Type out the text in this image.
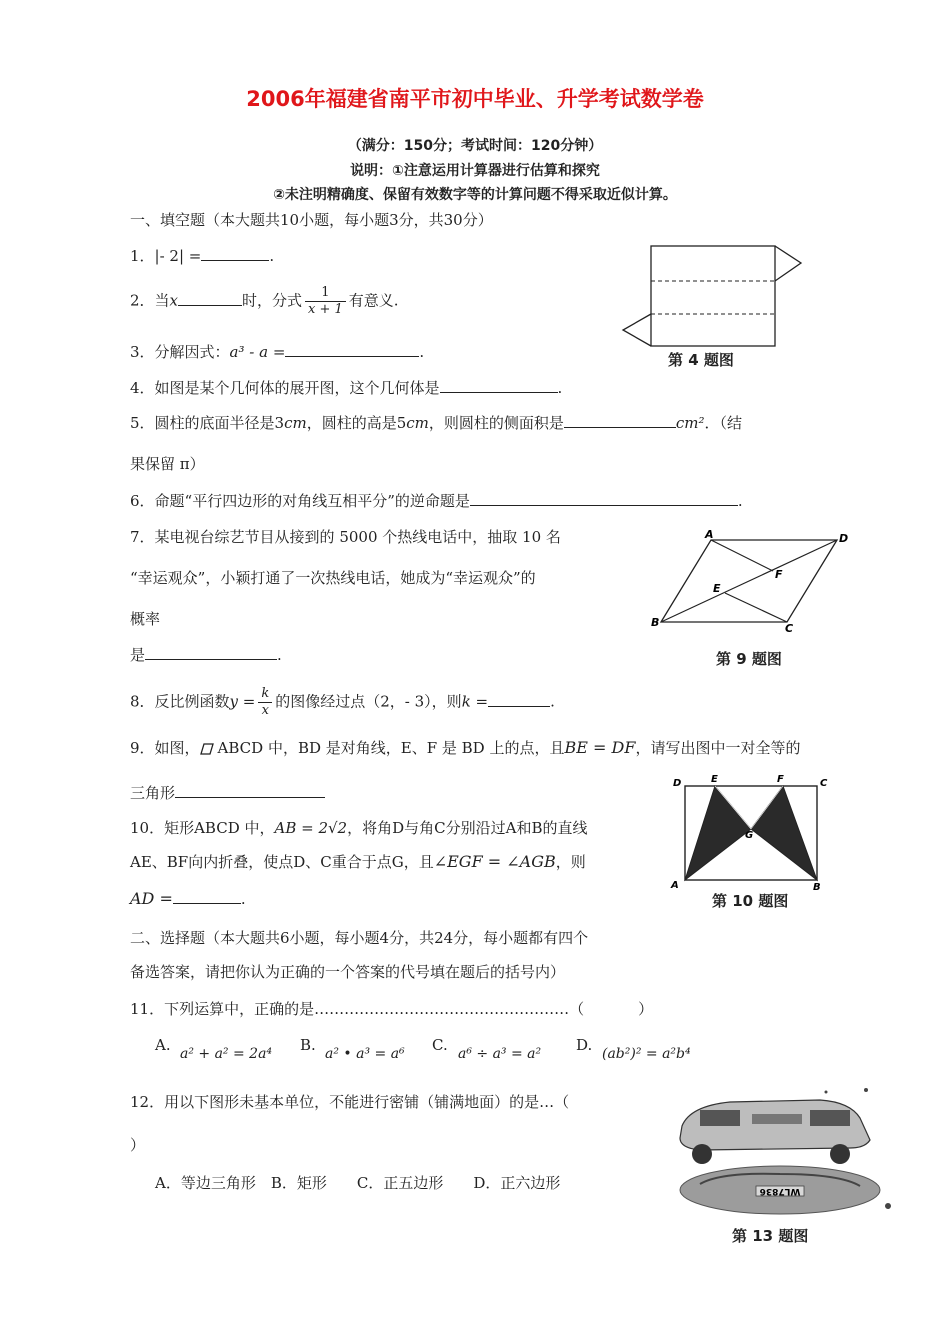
2006年福建省南平市初中毕业、升学考试数学卷
（满分：150分；考试时间：120分钟）
说明：①注意运用计算器进行估算和探究
②未注明精确度、保留有效数字等的计算问题不得采取近似计算。
一、填空题（本大题共10小题，每小题3分，共30分）
1．|- 2| =	.
2．当x	时，分式 $\frac{1}{x + 1}$ 有意义.
3．分解因式：a³ - a =	.
4．如图是某个几何体的展开图，这个几何体是	.
5．圆柱的底面半径是3cm，圆柱的高是5cm，则圆柱的侧面积是	cm²．（结
果保留 π）
6．命题“平行四边形的对角线互相平分”的逆命题是	.
7．某电视台综艺节目从接到的 5000 个热线电话中，抽取 10 名
“幸运观众”，小颖打通了一次热线电话，她成为“幸运观众”的
概率
是	.
8．反比例函数$y = \frac{k}{x}$ 的图像经过点（2，- 3），则k =	.
9．如图， ABCD 中，BD 是对角线，E、F 是 BD 上的点，且BE = DF，请写出图中一对全等的
三角形
10．矩形ABCD 中，AB = 2√2，将角D与角C分别沿过A和B的直线
AE、BF向内折叠，使点D、C重合于点G，且∠EGF = ∠AGB，则
AD =	.
二、选择题（本大题共6小题，每小题4分，共24分，每小题都有四个
备选答案，请把你认为正确的一个答案的代号填在题后的括号内）
11．下列运算中，正确的是……………………………………………（	）
A. a² + a² = 2a⁴ B. a² • a³ = a⁶ C. a⁶ ÷ a³ = a² D. (ab²)² = a²b⁴
12．用以下图形未基本单位，不能进行密铺（铺满地面）的是…（
）
A．等边三角形　B．矩形　　C．正五边形　　D．正六边形
第 4 题图
A	D
F
E
B	C
第 9 题图
D	E	F	C
G
A	B
第 10 题图
WL7836
第 13 题图
